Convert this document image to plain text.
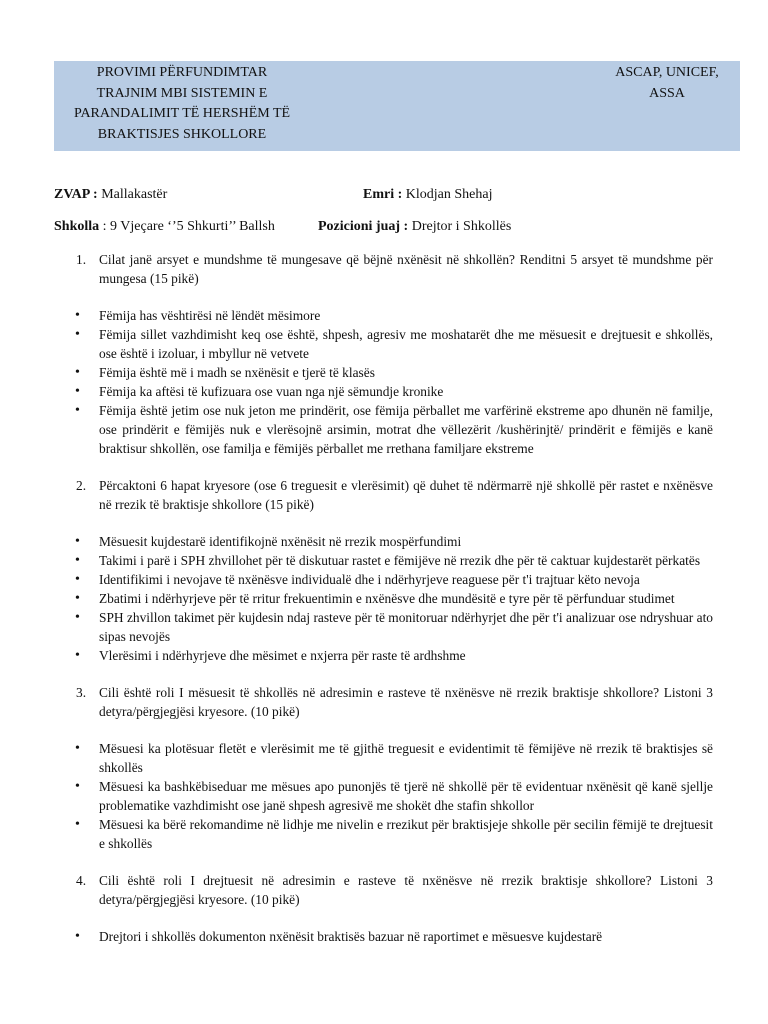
PROVIMI PËRFUNDIMTAR
TRAJNIM MBI SISTEMIN E
PARANDALIMIT TË HERSHËM TË
BRAKTISJES SHKOLLORE
ASCAP, UNICEF,
ASSA
ZVAP : Mallakastër	Emri : Klodjan Shehaj
Shkolla : 9 Vjeçare ‘’5 Shkurti’’ Ballsh	Pozicioni juaj : Drejtor i Shkollës
1. Cilat janë arsyet e mundshme të mungesave që bëjnë nxënësit në shkollën? Renditni 5 arsyet të mundshme për mungesa (15 pikë)
• Fëmija has vështirësi në lëndët mësimore
• Fëmija sillet vazhdimisht keq ose është, shpesh, agresiv me moshatarët dhe me mësuesit e drejtuesit e shkollës, ose është i izoluar, i mbyllur në vetvete
• Fëmija është më i madh se nxënësit e tjerë të klasës
• Fëmija ka aftësi të kufizuara ose vuan nga një sëmundje kronike
• Fëmija është jetim ose nuk jeton me prindërit, ose fëmija përballet me varfërinë ekstreme apo dhunën në familje, ose prindërit e fëmijës nuk e vlerësojnë arsimin, motrat dhe vëllezërit /kushërinjtë/ prindërit e fëmijës e kanë braktisur shkollën, ose familja e fëmijës përballet me rrethana familjare ekstreme
2. Përcaktoni 6 hapat kryesore (ose 6 treguesit e vlerësimit) që duhet të ndërmarrë një shkollë për rastet e nxënësve në rrezik të braktisje shkollore (15 pikë)
• Mësuesit kujdestarë identifikojnë nxënësit në rrezik mospërfundimi
• Takimi i parë i SPH zhvillohet për të diskutuar rastet e fëmijëve në rrezik dhe për të caktuar kujdestarët përkatës
• Identifikimi i nevojave të nxënësve individualë dhe i ndërhyrjeve reaguese për t'i trajtuar këto nevoja
• Zbatimi i ndërhyrjeve për të rritur frekuentimin e nxënësve dhe mundësitë e tyre për të përfunduar studimet
• SPH zhvillon takimet për kujdesin ndaj rasteve për të monitoruar ndërhyrjet dhe për t'i analizuar ose ndryshuar ato sipas nevojës
• Vlerësimi i ndërhyrjeve dhe mësimet e nxjerra për raste të ardhshme
3. Cili është roli I mësuesit të shkollës në adresimin e rasteve të nxënësve në rrezik braktisje shkollore? Listoni 3 detyra/përgjegjësi kryesore. (10 pikë)
• Mësuesi ka plotësuar fletët e vlerësimit me të gjithë treguesit e evidentimit të fëmijëve në rrezik të braktisjes së shkollës
• Mësuesi ka bashkëbiseduar me mësues apo punonjës të tjerë në shkollë për të evidentuar nxënësit që kanë sjellje problematike vazhdimisht ose janë shpesh agresivë me shokët dhe stafin shkollor
• Mësuesi ka bërë rekomandime në lidhje me nivelin e rrezikut për braktisjeje shkolle për secilin fëmijë te drejtuesit e shkollës
4. Cili është roli I drejtuesit në adresimin e rasteve të nxënësve në rrezik braktisje shkollore? Listoni 3 detyra/përgjegjësi kryesore. (10 pikë)
• Drejtori i shkollës dokumenton nxënësit braktisës bazuar në raportimet e mësuesve kujdestarë
